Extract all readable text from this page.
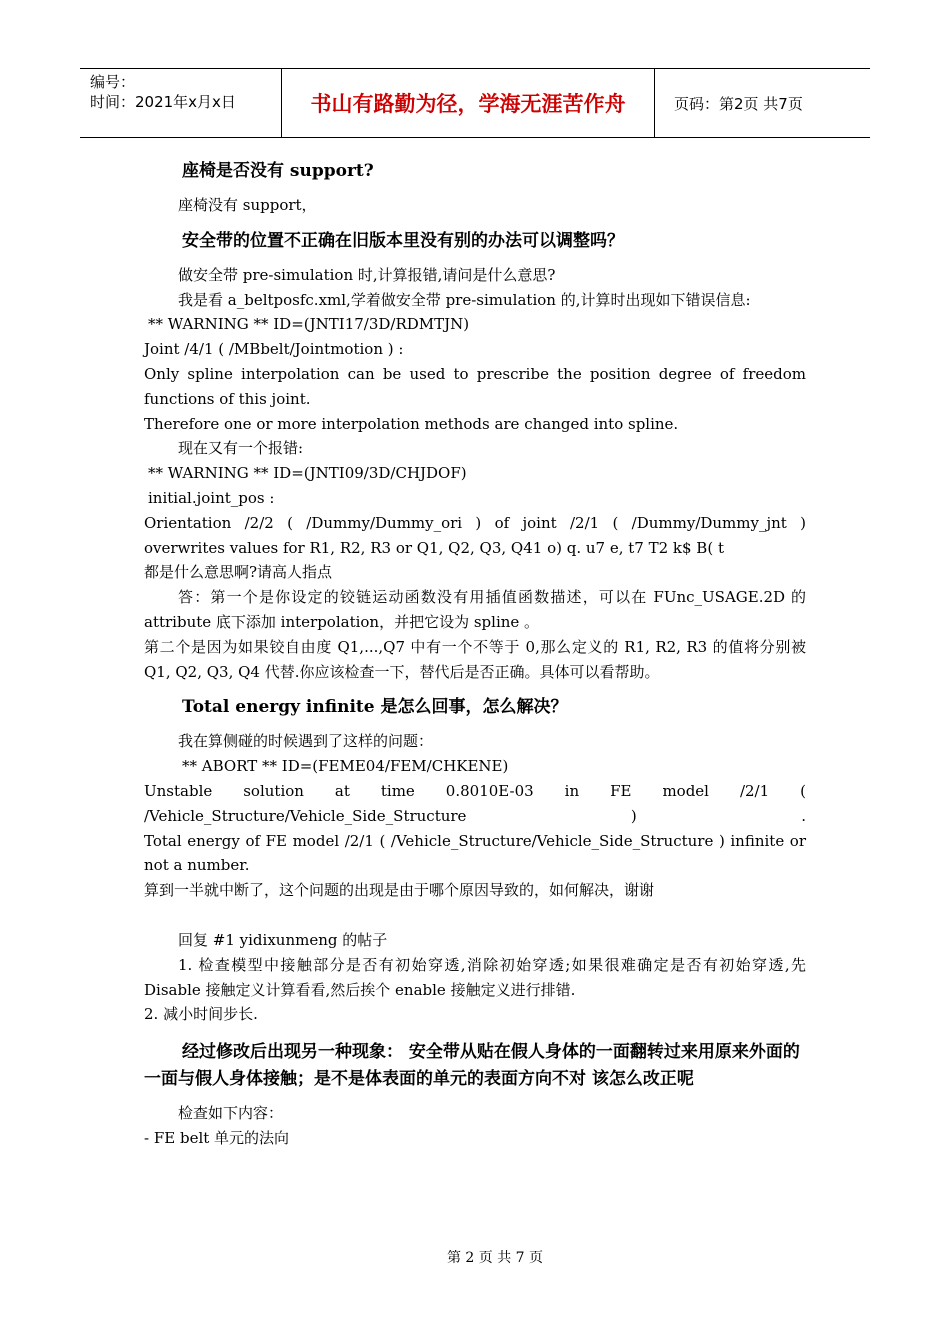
编号：
时间：2021年x月x日	书山有路勤为径，学海无涯苦作舟	页码：第2页 共7页
座椅是否没有 support?

座椅没有 support，

安全带的位置不正确在旧版本里没有别的办法可以调整吗？

做安全带 pre-simulation 时,计算报错,请问是什么意思?

我是看 a_beltposfc.xml,学着做安全带 pre-simulation 的,计算时出现如下错误信息:

** WARNING ** ID=(JNTI17/3D/RDMTJN)

Joint /4/1 ( /MBbelt/Jointmotion ) :

Only spline interpolation can be used to prescribe the position degree of freedom functions of this joint.

Therefore one or more interpolation methods are changed into spline.

现在又有一个报错:

** WARNING ** ID=(JNTI09/3D/CHJDOF)

initial.joint_pos :

Orientation /2/2 ( /Dummy/Dummy_ori ) of joint /2/1 ( /Dummy/Dummy_jnt ) overwrites values for R1, R2, R3 or Q1, Q2, Q3, Q41 o) q. u7 e, t7 T2 k$ B( t

都是什么意思啊?请高人指点

答：第一个是你设定的铰链运动函数没有用插值函数描述，可以在 FUnc_USAGE.2D 的 attribute 底下添加 interpolation，并把它设为 spline 。

第二个是因为如果铰自由度 Q1,...,Q7 中有一个不等于 0,那么定义的 R1, R2, R3 的值将分别被 Q1, Q2, Q3, Q4 代替.你应该检查一下，替代后是否正确。具体可以看帮助。

Total energy infinite 是怎么回事，怎么解决？

我在算侧碰的时候遇到了这样的问题：

** ABORT ** ID=(FEME04/FEM/CHKENE)

Unstable solution at time 0.8010E-03 in FE model /2/1 ( /Vehicle_Structure/Vehicle_Side_Structure ) .

Total energy of FE model /2/1 ( /Vehicle_Structure/Vehicle_Side_Structure ) infinite or not a number.

算到一半就中断了，这个问题的出现是由于哪个原因导致的，如何解决，谢谢

回复 #1 yidixunmeng 的帖子

1. 检查模型中接触部分是否有初始穿透,消除初始穿透;如果很难确定是否有初始穿透,先 Disable 接触定义计算看看,然后挨个 enable 接触定义进行排错.

2. 减小时间步长.

经过修改后出现另一种现象： 安全带从贴在假人身体的一面翻转过来用原来外面的一面与假人身体接触；是不是体表面的单元的表面方向不对 该怎么改正呢

检查如下内容：

- FE belt 单元的法向

第 2 页 共 7 页
